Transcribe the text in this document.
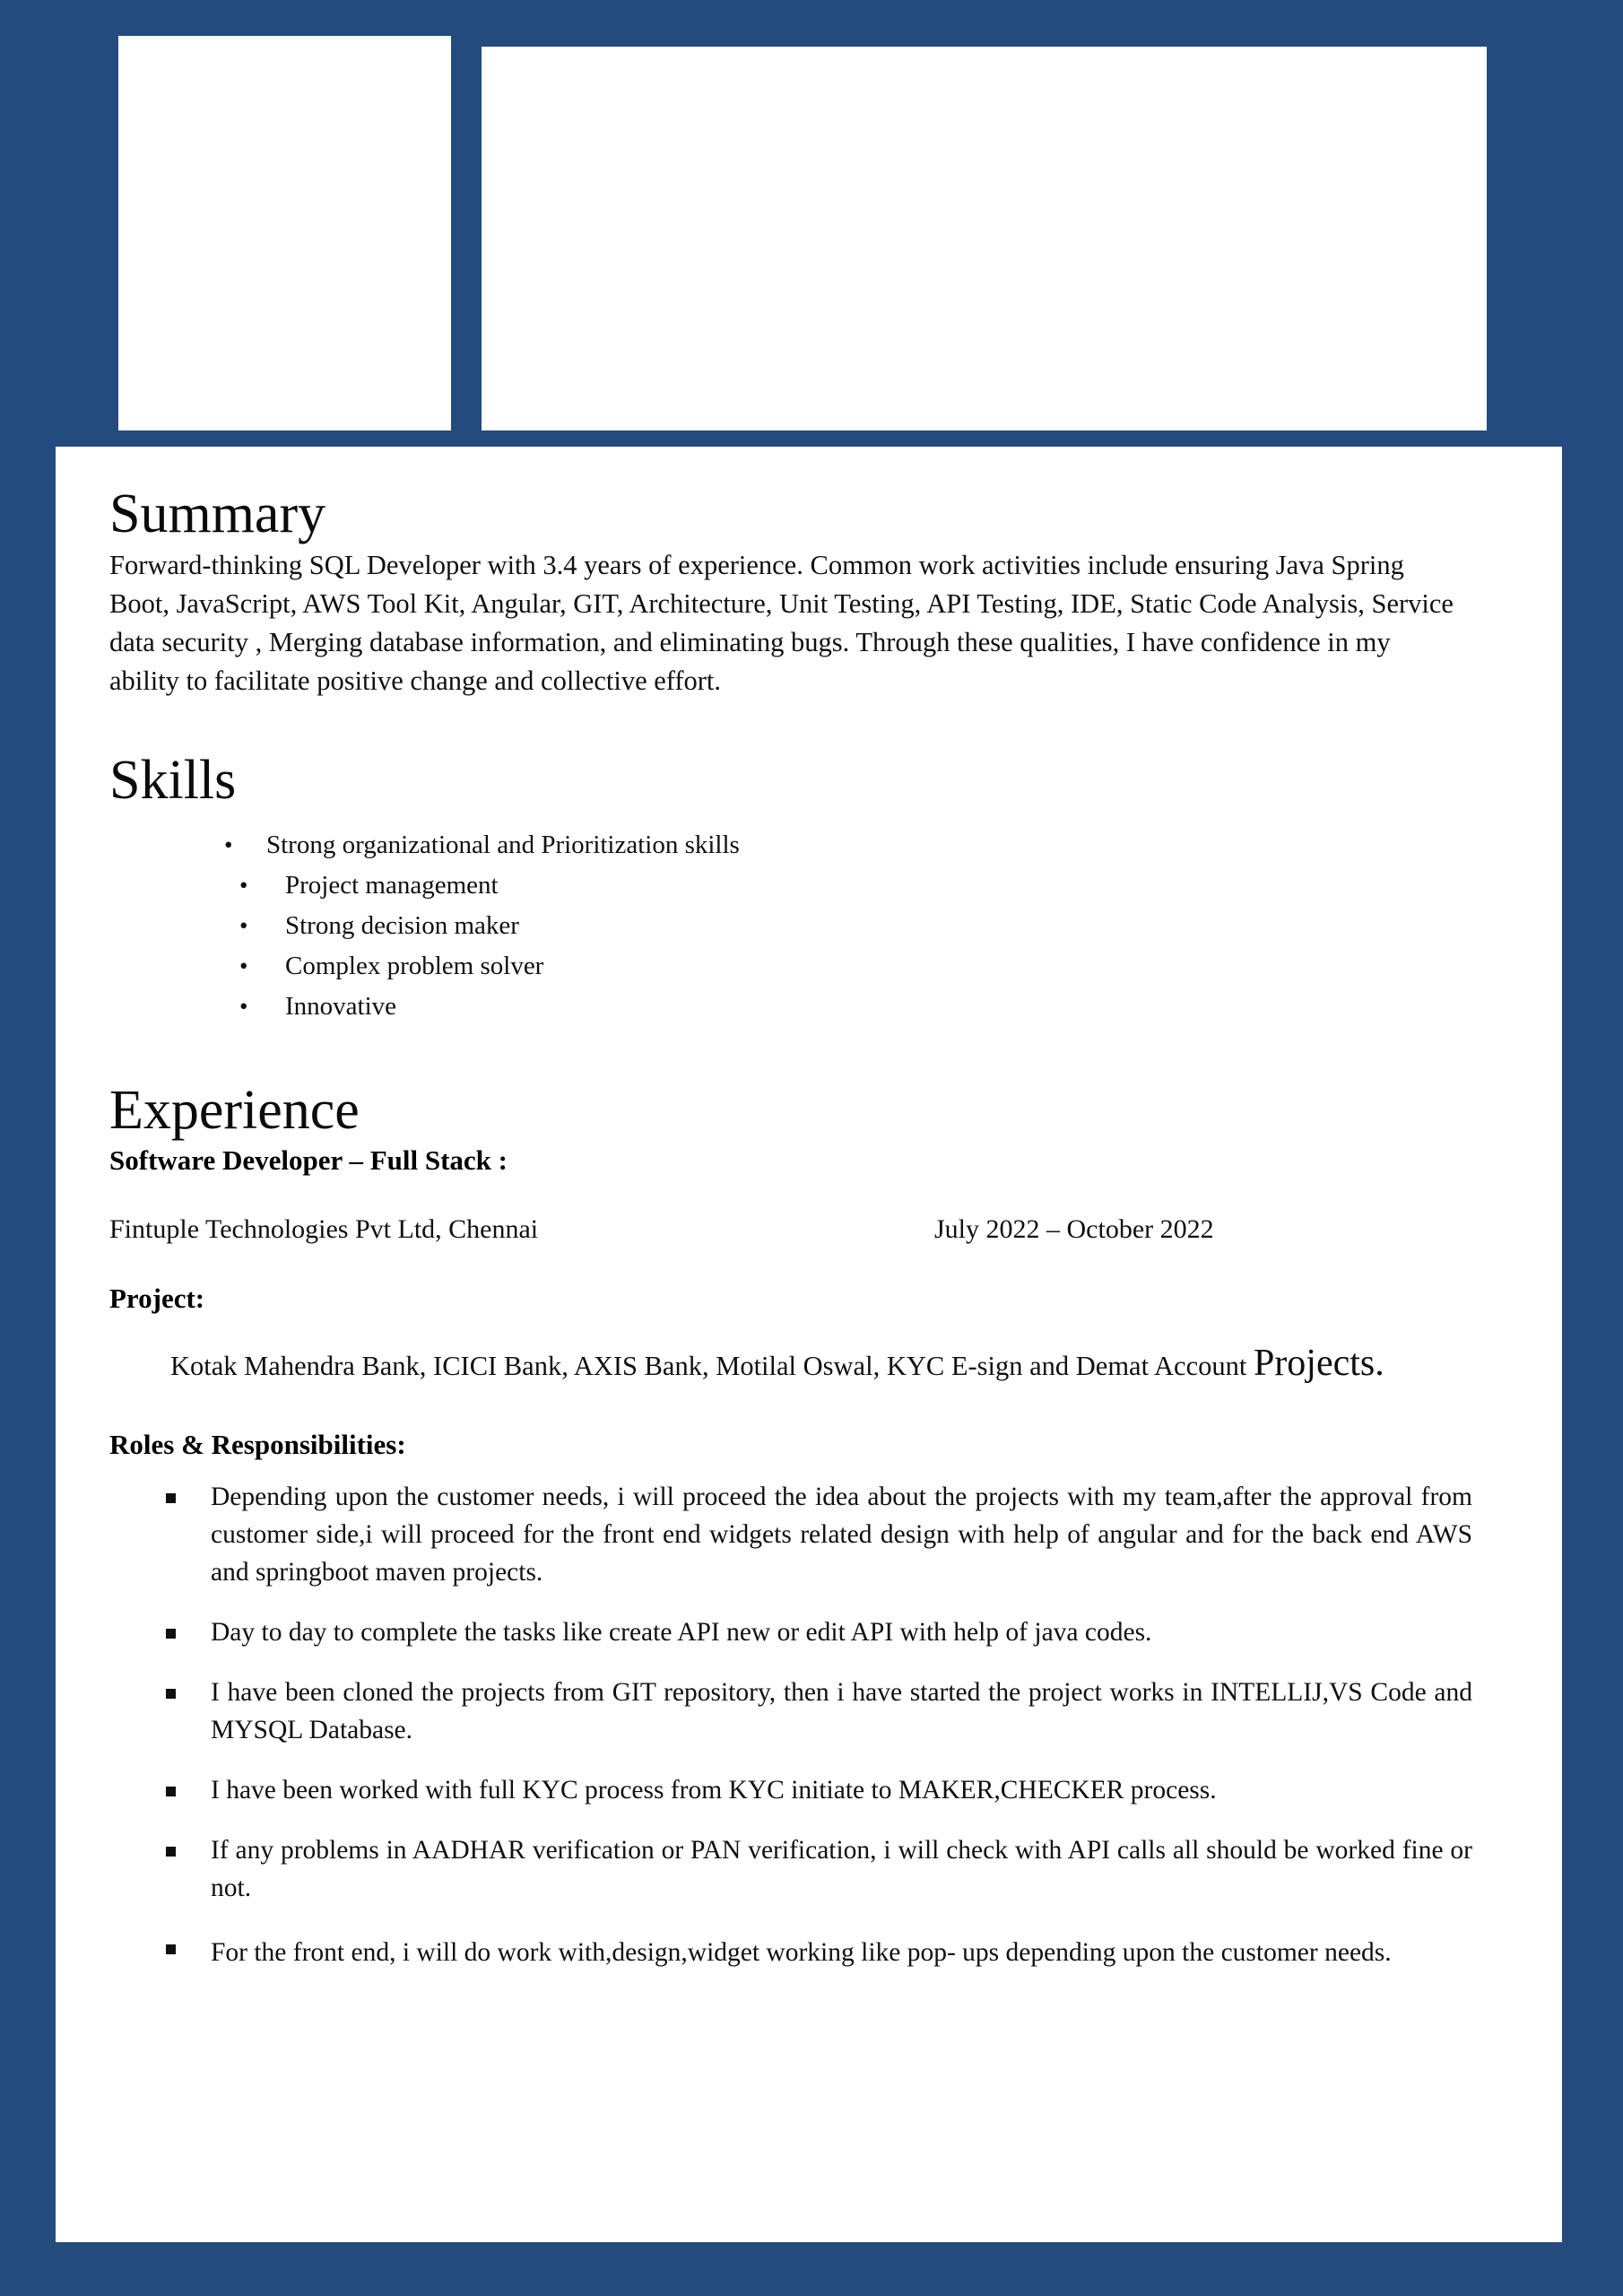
Summary

Forward-thinking SQL Developer with 3.4 years of experience. Common work activities include ensuring Java Spring Boot, JavaScript, AWS Tool Kit, Angular, GIT, Architecture, Unit Testing, API Testing, IDE, Static Code Analysis, Service data security , Merging database information, and eliminating bugs. Through these qualities, I have confidence in my ability to facilitate positive change and collective effort.

Skills
• Strong organizational and Prioritization skills
• Project management
• Strong decision maker
• Complex problem solver
• Innovative
Experience
Software Developer – Full Stack :
Fintuple Technologies Pvt Ltd, Chennai	July 2022 – October 2022
Project:

Kotak Mahendra Bank, ICICI Bank, AXIS Bank, Motilal Oswal, KYC E-sign and Demat Account Projects.

Roles & Responsibilities:
Depending upon the customer needs, i will proceed the idea about the projects with my team,after the approval from customer side,i will proceed for the front end widgets related design with help of angular and for the back end AWS and springboot maven projects.
Day to day to complete the tasks like create API new or edit API with help of java codes.
I have been cloned the projects from GIT repository, then i have started the project works in INTELLIJ,VS Code and MYSQL Database.
I have been worked with full KYC process from KYC initiate to MAKER,CHECKER process.
If any problems in AADHAR verification or PAN verification, i will check with API calls all should be worked fine or not.
For the front end, i will do work with,design,widget working like pop- ups depending upon the customer needs.
